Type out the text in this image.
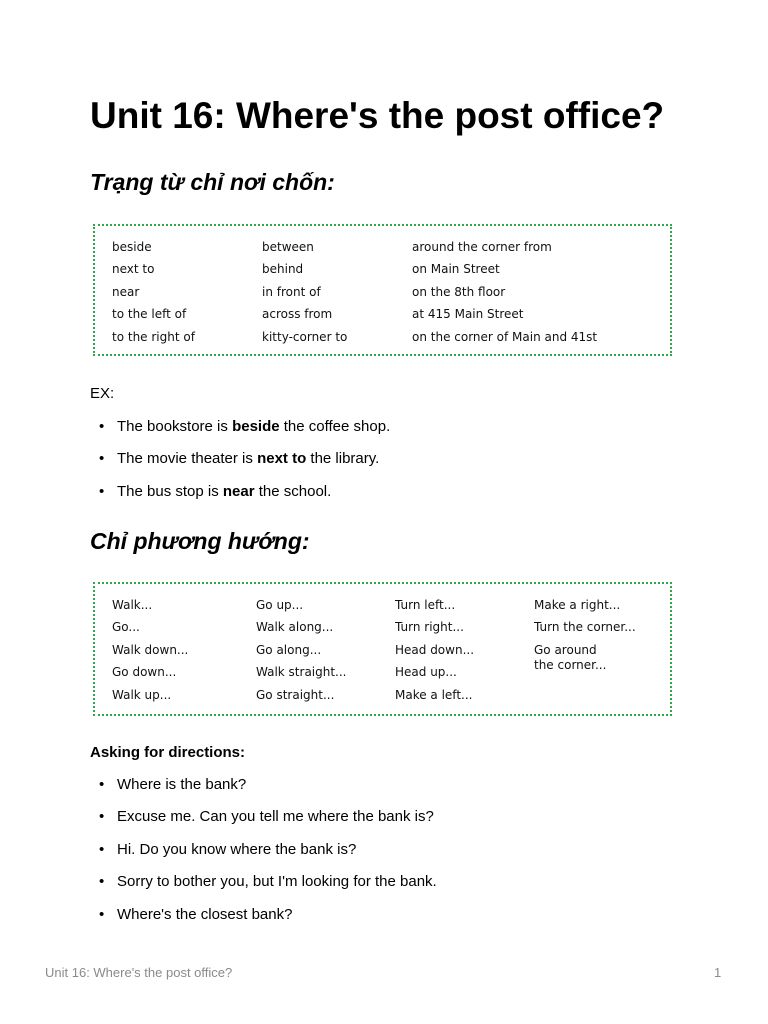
Unit 16: Where's the post office?
Trạng từ chỉ nơi chốn:
beside
next to
near
to the left of
to the right of
between
behind
in front of
across from
kitty-corner to
around the corner from
on Main Street
on the 8th floor
at 415 Main Street
on the corner of Main and 41st
EX:
• The bookstore is beside the coffee shop.
• The movie theater is next to the library.
• The bus stop is near the school.
Chỉ phương hướng:
Walk...
Go...
Walk down...
Go down...
Walk up...
Go up...
Walk along...
Go along...
Walk straight...
Go straight...
Turn left...
Turn right...
Head down...
Head up...
Make a left...
Make a right...
Turn the corner...
Go around
the corner...
Asking for directions:
• Where is the bank?
• Excuse me. Can you tell me where the bank is?
• Hi. Do you know where the bank is?
• Sorry to bother you, but I'm looking for the bank.
• Where's the closest bank?
Unit 16: Where's the post office?	1
